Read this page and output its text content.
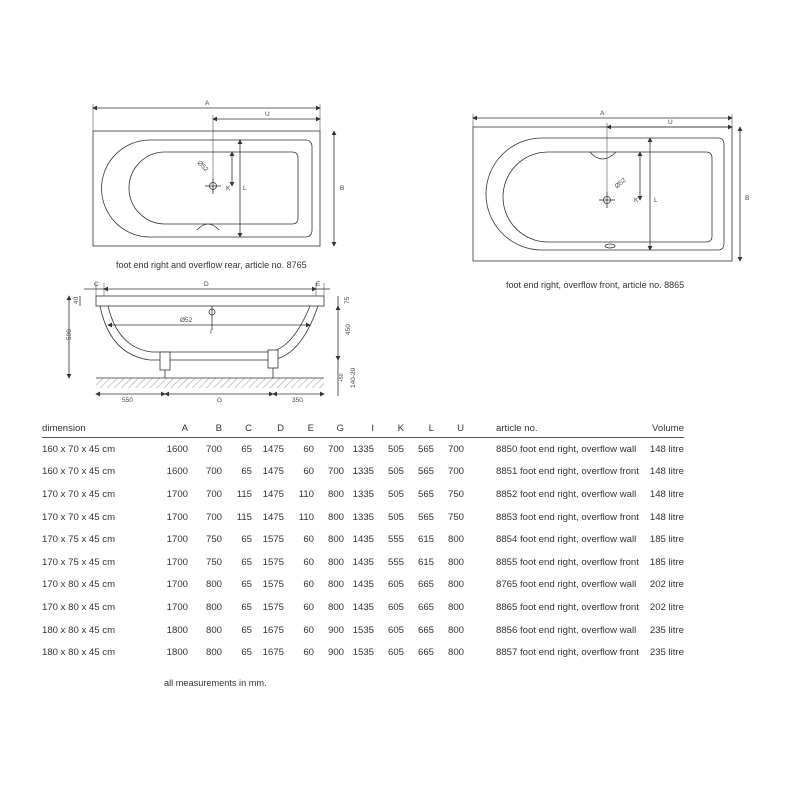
A
U
B
K L
Ø52
A
U
B
K L
Ø52
C	D	E
Ø52
I
G
550	350
590
40	75
450
140-20
+50
foot end right and overflow rear, article no. 8765
foot end right, overflow front, article no. 8865
dimension	A	B	C	D	E	G	I	K	L	U	article no.	Volume
160 x 70 x 45 cm	1600	700	65	1475	60	700	1335	505	565	700	8850 foot end right, overflow wall	148 litre
160 x 70 x 45 cm	1600	700	65	1475	60	700	1335	505	565	700	8851 foot end right, overflow front	148 litre
170 x 70 x 45 cm	1700	700	115	1475	110	800	1335	505	565	750	8852 foot end right, overflow wall	148 litre
170 x 70 x 45 cm	1700	700	115	1475	110	800	1335	505	565	750	8853 foot end right, overflow front	148 litre
170 x 75 x 45 cm	1700	750	65	1575	60	800	1435	555	615	800	8854 foot end right, overflow wall	185 litre
170 x 75 x 45 cm	1700	750	65	1575	60	800	1435	555	615	800	8855 foot end right, overflow front	185 litre
170 x 80 x 45 cm	1700	800	65	1575	60	800	1435	605	665	800	8765 foot end right, overflow wall	202 litre
170 x 80 x 45 cm	1700	800	65	1575	60	800	1435	605	665	800	8865 foot end right, overflow front	202 litre
180 x 80 x 45 cm	1800	800	65	1675	60	900	1535	605	665	800	8856 foot end right, overflow wall	235 litre
180 x 80 x 45 cm	1800	800	65	1675	60	900	1535	605	665	800	8857 foot end right, overflow front	235 litre
all measurements in mm.
